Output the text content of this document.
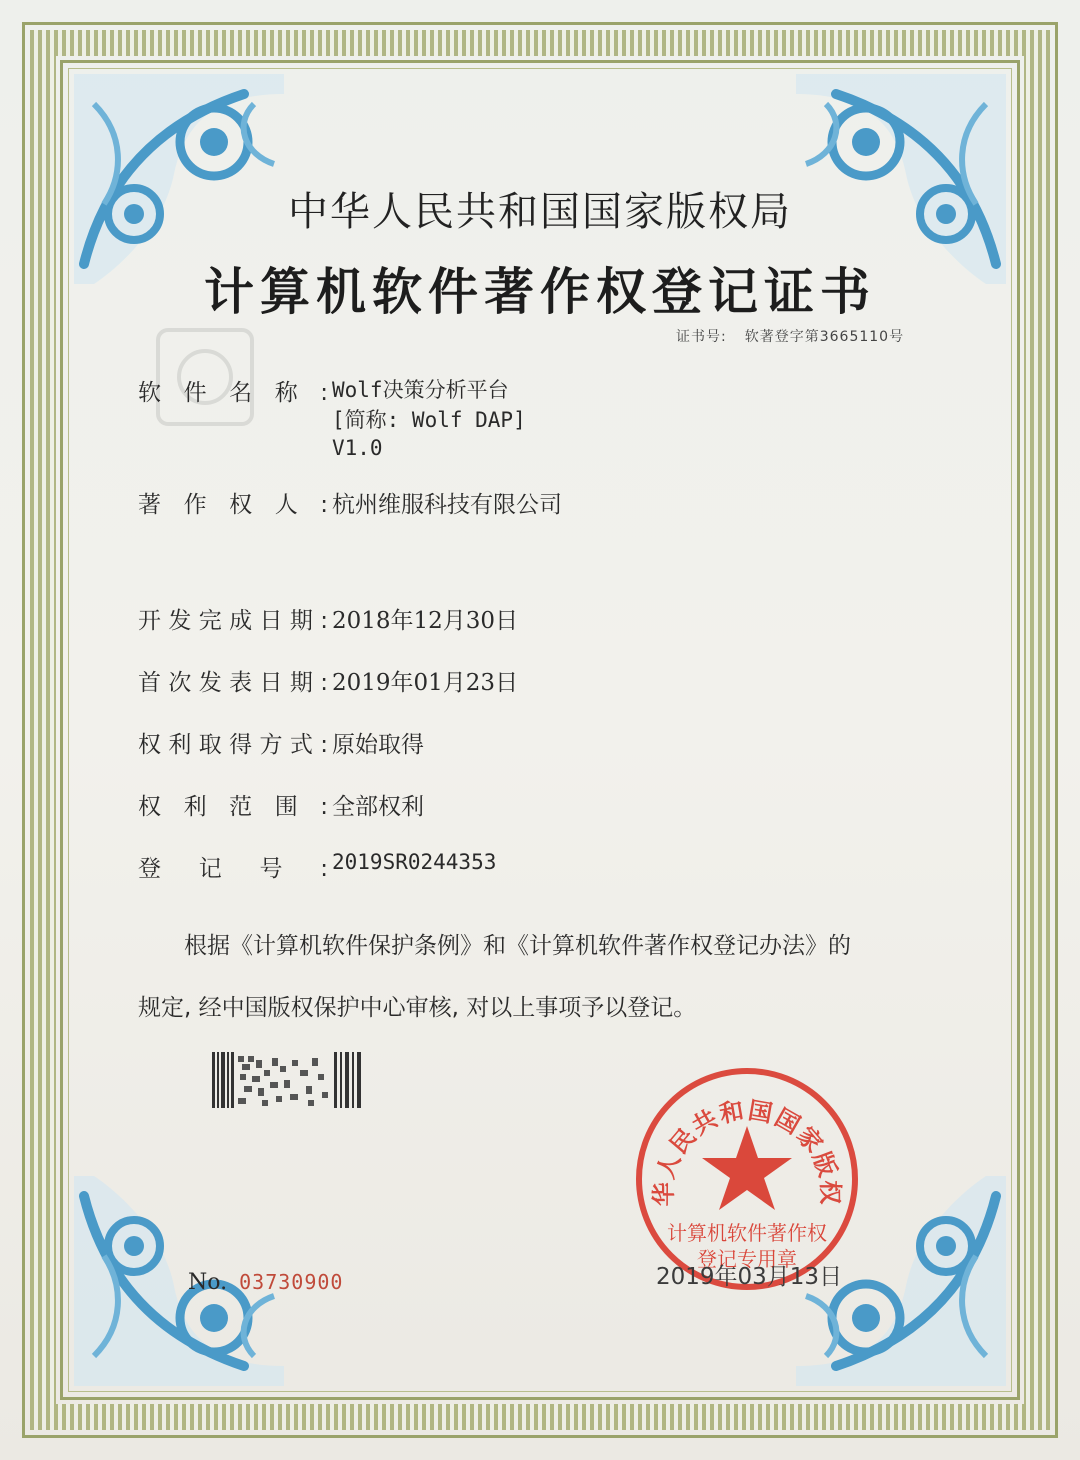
中华人民共和国国家版权局
计算机软件著作权登记证书
证书号: 软著登字第3665110号
软件名称: Wolf决策分析平台
[简称: Wolf DAP]
V1.0
著作权人: 杭州维服科技有限公司
开发完成日期: 2018年12月30日
首次发表日期: 2019年01月23日
权利取得方式: 原始取得
权利范围: 全部权利
登记号: 2019SR0244353
根据《计算机软件保护条例》和《计算机软件著作权登记办法》的
规定, 经中国版权保护中心审核, 对以上事项予以登记。
华人民共和国国家版权
计算机软件著作权
登记专用章
2019年03月13日
No. 03730900
